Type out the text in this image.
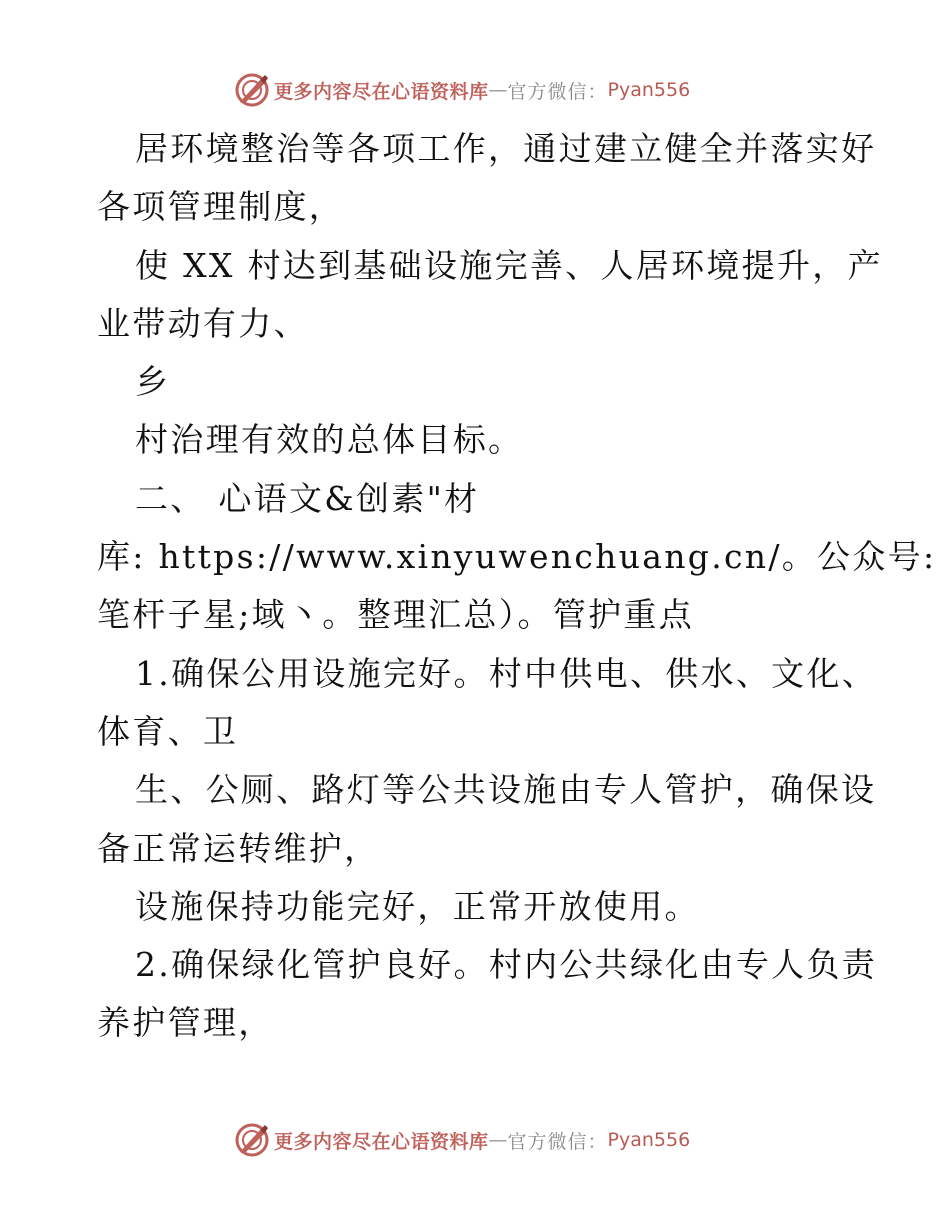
更多内容尽在心语资料库 — 官方微信： Pyan556
居环境整治等各项工作，通过建立健全并落实好
各项管理制度，
使 XX 村达到基础设施完善、人居环境提升，产
业带动有力、
乡
村治理有效的总体目标。
二、 心语文&创素"材
库: https://www.xinyuwenchuang.cn/。公众号:
笔杆子星;域丶。整理汇总）。管护重点
1.确保公用设施完好。村中供电、供水、文化、
体育、卫
生、公厕、路灯等公共设施由专人管护，确保设
备正常运转维护，
设施保持功能完好，正常开放使用。
2.确保绿化管护良好。村内公共绿化由专人负责
养护管理，
更多内容尽在心语资料库 — 官方微信： Pyan556
